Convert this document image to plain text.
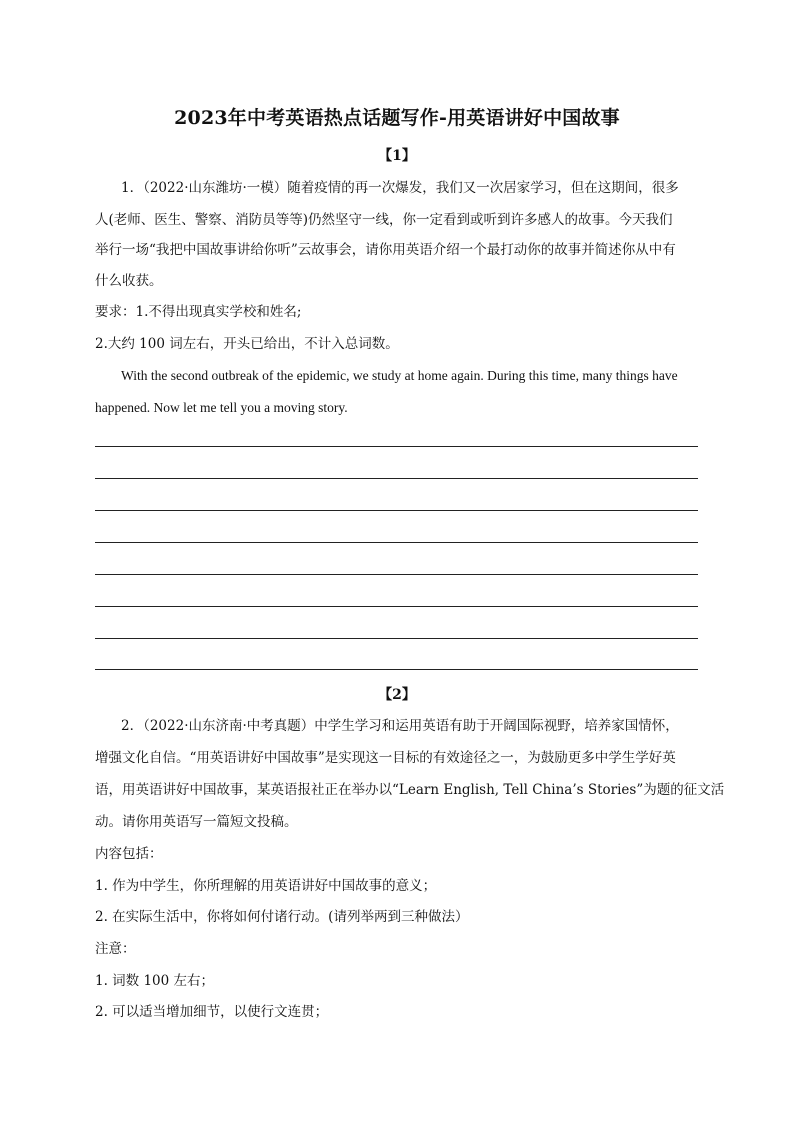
2023年中考英语热点话题写作-用英语讲好中国故事
【1】
1．（2022·山东潍坊·一模）随着疫情的再一次爆发，我们又一次居家学习，但在这期间，很多
人(老师、医生、警察、消防员等等)仍然坚守一线，你一定看到或听到许多感人的故事。今天我们
举行一场“我把中国故事讲给你听”云故事会，请你用英语介绍一个最打动你的故事并简述你从中有
什么收获。
要求：1.不得出现真实学校和姓名;
2.大约 100 词左右，开头已给出，不计入总词数。
With the second outbreak of the epidemic, we study at home again. During this time, many things have
happened. Now let me tell you a moving story.
【2】
2．（2022·山东济南·中考真题）中学生学习和运用英语有助于开阔国际视野，培养家国情怀，
增强文化自信。“用英语讲好中国故事”是实现这一目标的有效途径之一，为鼓励更多中学生学好英
语，用英语讲好中国故事，某英语报社正在举办以“Learn English, Tell China’s Stories”为题的征文活
动。请你用英语写一篇短文投稿。
内容包括：
1. 作为中学生，你所理解的用英语讲好中国故事的意义；
2. 在实际生活中，你将如何付诸行动。(请列举两到三种做法）
注意：
1. 词数 100 左右；
2. 可以适当增加细节，以使行文连贯；
